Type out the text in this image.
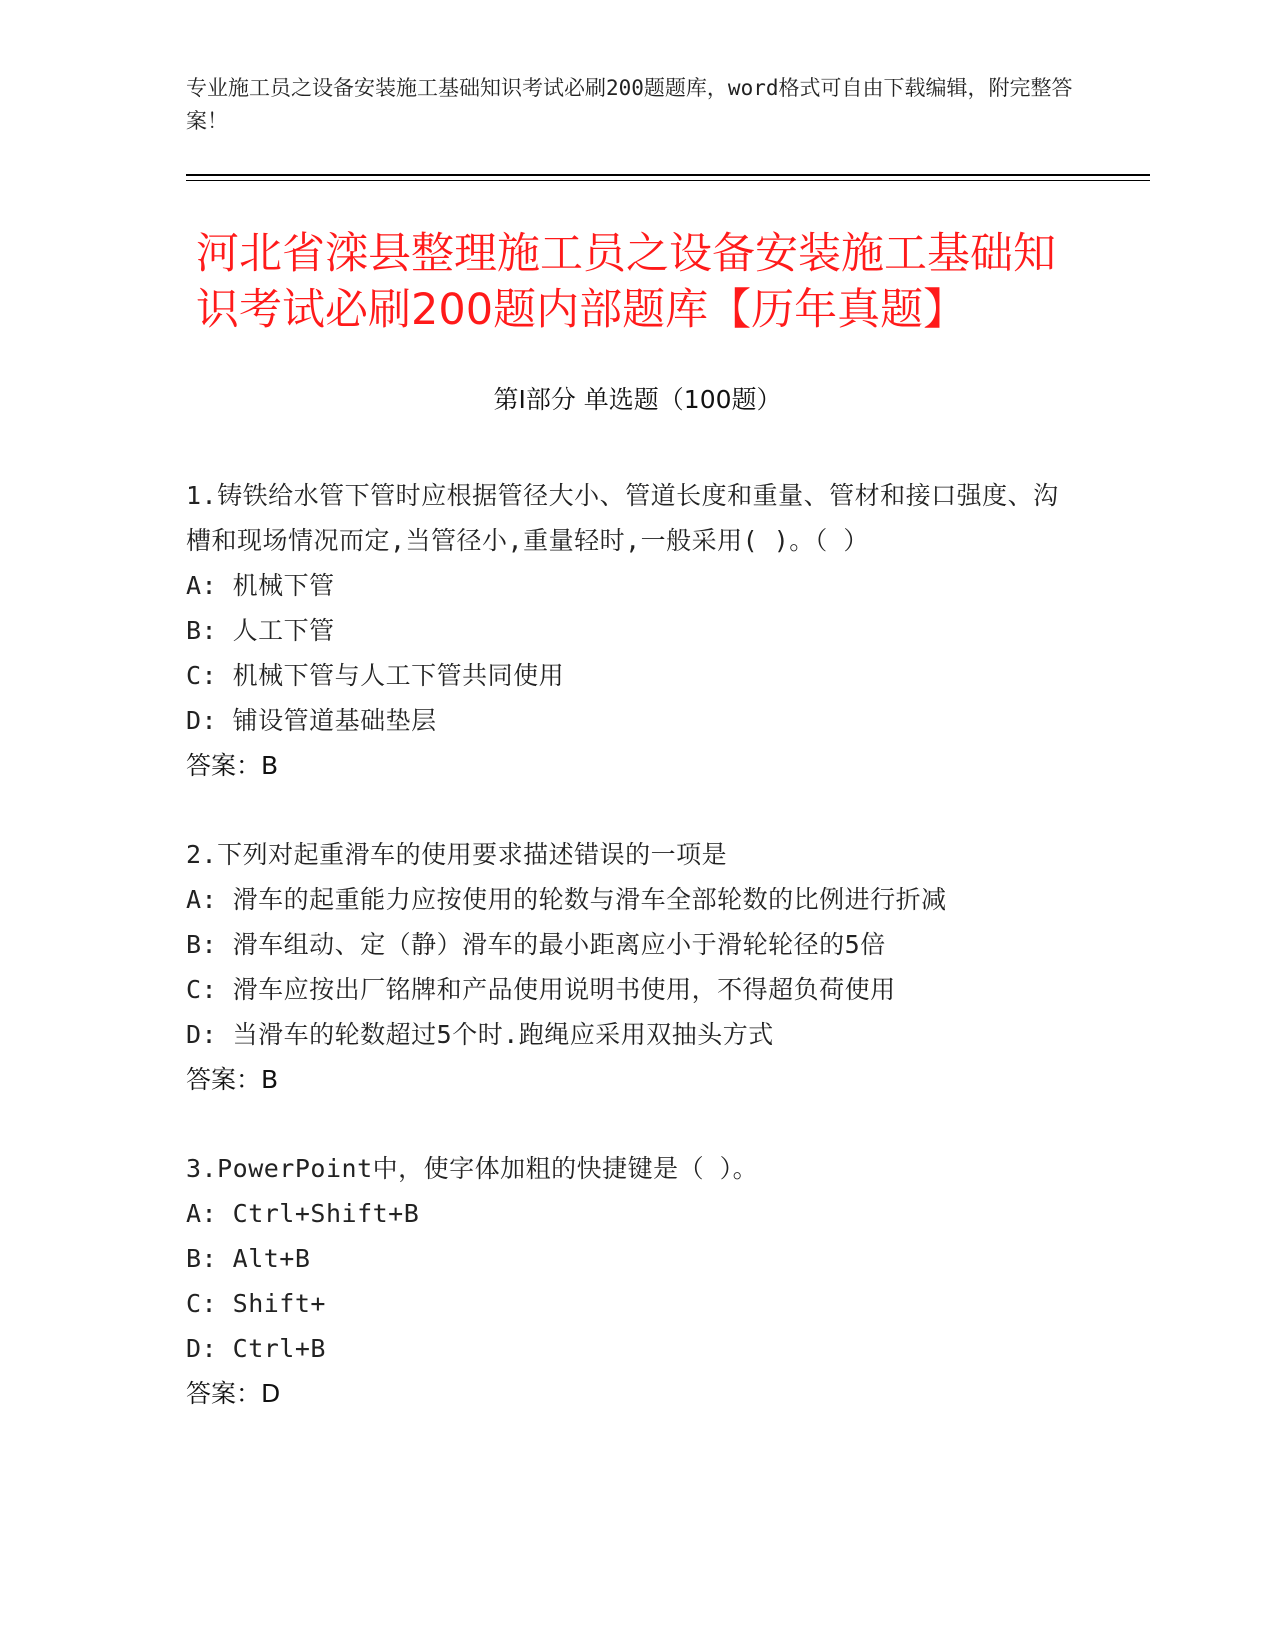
专业施工员之设备安装施工基础知识考试必刷200题题库，word格式可自由下载编辑，附完整答案！
河北省滦县整理施工员之设备安装施工基础知识考试必刷200题内部题库【历年真题】
第Ⅰ部分 单选题（100题）
1.铸铁给水管下管时应根据管径大小、管道长度和重量、管材和接口强度、沟槽和现场情况而定,当管径小,重量轻时,一般采用( )。（ ）
A: 机械下管
B: 人工下管
C: 机械下管与人工下管共同使用
D: 铺设管道基础垫层
答案：B
2.下列对起重滑车的使用要求描述错误的一项是
A: 滑车的起重能力应按使用的轮数与滑车全部轮数的比例进行折减
B: 滑车组动、定（静）滑车的最小距离应小于滑轮轮径的5倍
C: 滑车应按出厂铭牌和产品使用说明书使用，不得超负荷使用
D: 当滑车的轮数超过5个时.跑绳应采用双抽头方式
答案：B
3.PowerPoint中，使字体加粗的快捷键是（ ）。
A: Ctrl+Shift+B
B: Alt+B
C: Shift+
D: Ctrl+B
答案：D
